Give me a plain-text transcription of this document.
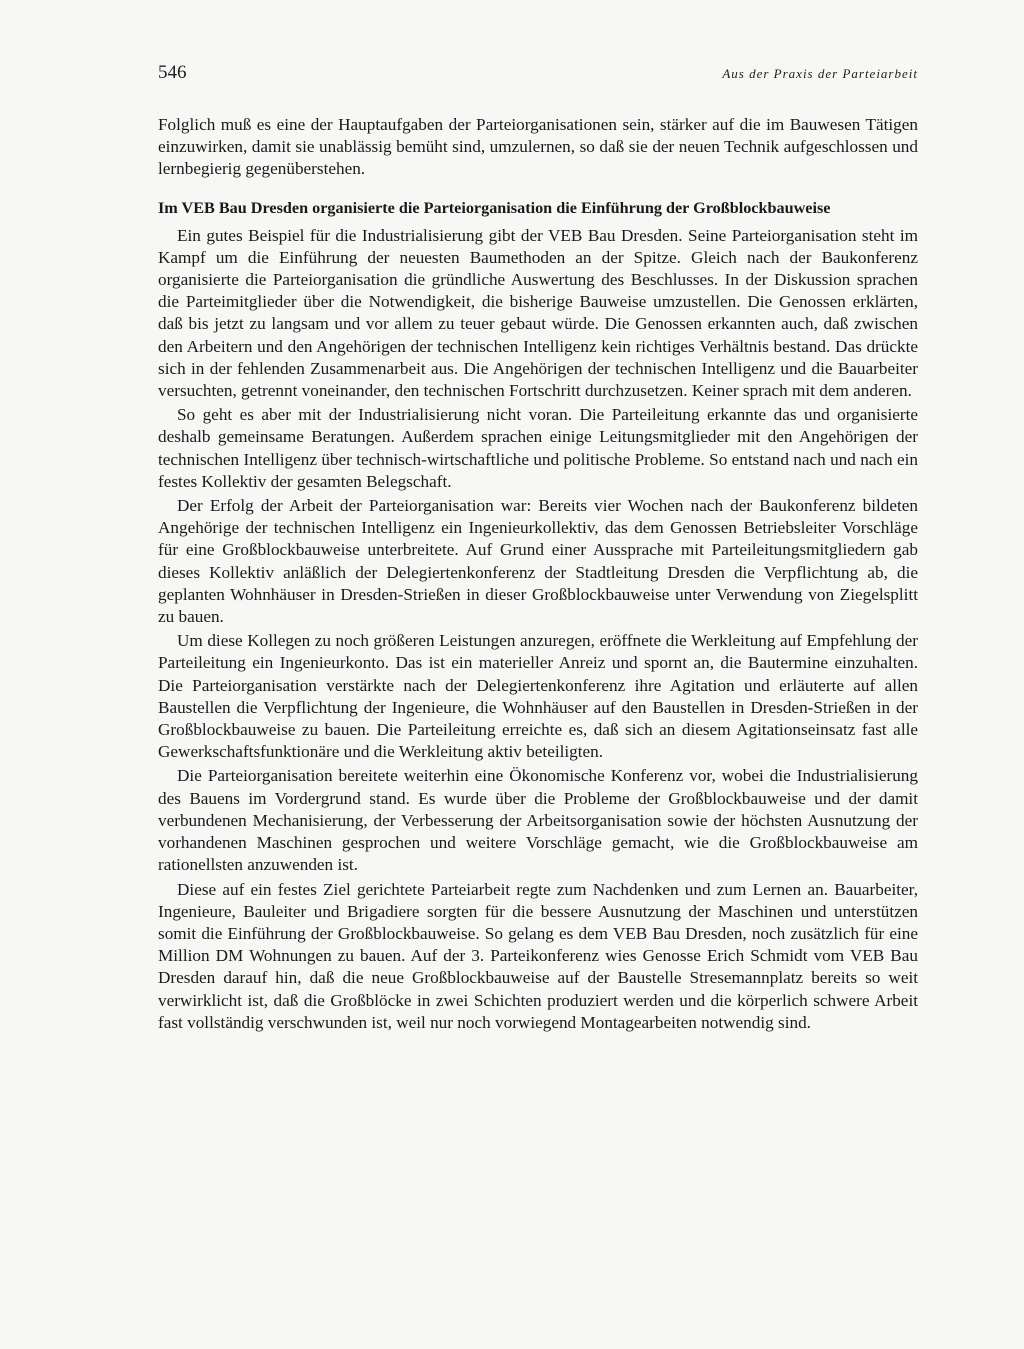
546	Aus der Praxis der Parteiarbeit

Folglich muß es eine der Hauptaufgaben der Parteiorganisationen sein, stärker auf die im Bauwesen Tätigen einzuwirken, damit sie unablässig bemüht sind, umzulernen, so daß sie der neuen Technik aufgeschlossen und lernbegierig gegenüberstehen.

Im VEB Bau Dresden organisierte die Parteiorganisation die Einführung der Großblockbauweise

Ein gutes Beispiel für die Industrialisierung gibt der VEB Bau Dresden. Seine Parteiorganisation steht im Kampf um die Einführung der neuesten Baumethoden an der Spitze. Gleich nach der Baukonferenz organisierte die Parteiorganisation die gründliche Auswertung des Beschlusses. In der Diskussion sprachen die Parteimitglieder über die Notwendigkeit, die bisherige Bauweise umzustellen. Die Genossen erklärten, daß bis jetzt zu langsam und vor allem zu teuer gebaut würde. Die Genossen erkannten auch, daß zwischen den Arbeitern und den Angehörigen der technischen Intelligenz kein richtiges Verhältnis bestand. Das drückte sich in der fehlenden Zusammenarbeit aus. Die Angehörigen der technischen Intelligenz und die Bauarbeiter versuchten, getrennt voneinander, den technischen Fortschritt durchzusetzen. Keiner sprach mit dem anderen.

So geht es aber mit der Industrialisierung nicht voran. Die Parteileitung erkannte das und organisierte deshalb gemeinsame Beratungen. Außerdem sprachen einige Leitungsmitglieder mit den Angehörigen der technischen Intelligenz über technisch-wirtschaftliche und politische Probleme. So entstand nach und nach ein festes Kollektiv der gesamten Belegschaft.

Der Erfolg der Arbeit der Parteiorganisation war: Bereits vier Wochen nach der Baukonferenz bildeten Angehörige der technischen Intelligenz ein Ingenieurkollektiv, das dem Genossen Betriebsleiter Vorschläge für eine Großblockbauweise unterbreitete. Auf Grund einer Aussprache mit Parteileitungsmitgliedern gab dieses Kollektiv anläßlich der Delegiertenkonferenz der Stadtleitung Dresden die Verpflichtung ab, die geplanten Wohnhäuser in Dresden-Strießen in dieser Großblockbauweise unter Verwendung von Ziegelsplitt zu bauen.

Um diese Kollegen zu noch größeren Leistungen anzuregen, eröffnete die Werkleitung auf Empfehlung der Parteileitung ein Ingenieurkonto. Das ist ein materieller Anreiz und spornt an, die Bautermine einzuhalten. Die Parteiorganisation verstärkte nach der Delegiertenkonferenz ihre Agitation und erläuterte auf allen Baustellen die Verpflichtung der Ingenieure, die Wohnhäuser auf den Baustellen in Dresden-Strießen in der Großblockbauweise zu bauen. Die Parteileitung erreichte es, daß sich an diesem Agitationseinsatz fast alle Gewerkschaftsfunktionäre und die Werkleitung aktiv beteiligten.

Die Parteiorganisation bereitete weiterhin eine Ökonomische Konferenz vor, wobei die Industrialisierung des Bauens im Vordergrund stand. Es wurde über die Probleme der Großblockbauweise und der damit verbundenen Mechanisierung, der Verbesserung der Arbeitsorganisation sowie der höchsten Ausnutzung der vorhandenen Maschinen gesprochen und weitere Vorschläge gemacht, wie die Großblockbauweise am rationellsten anzuwenden ist.

Diese auf ein festes Ziel gerichtete Parteiarbeit regte zum Nachdenken und zum Lernen an. Bauarbeiter, Ingenieure, Bauleiter und Brigadiere sorgten für die bessere Ausnutzung der Maschinen und unterstützen somit die Einführung der Großblockbauweise. So gelang es dem VEB Bau Dresden, noch zusätzlich für eine Million DM Wohnungen zu bauen. Auf der 3. Parteikonferenz wies Genosse Erich Schmidt vom VEB Bau Dresden darauf hin, daß die neue Großblockbauweise auf der Baustelle Stresemannplatz bereits so weit verwirklicht ist, daß die Großblöcke in zwei Schichten produziert werden und die körperlich schwere Arbeit fast vollständig verschwunden ist, weil nur noch vorwiegend Montagearbeiten notwendig sind.
